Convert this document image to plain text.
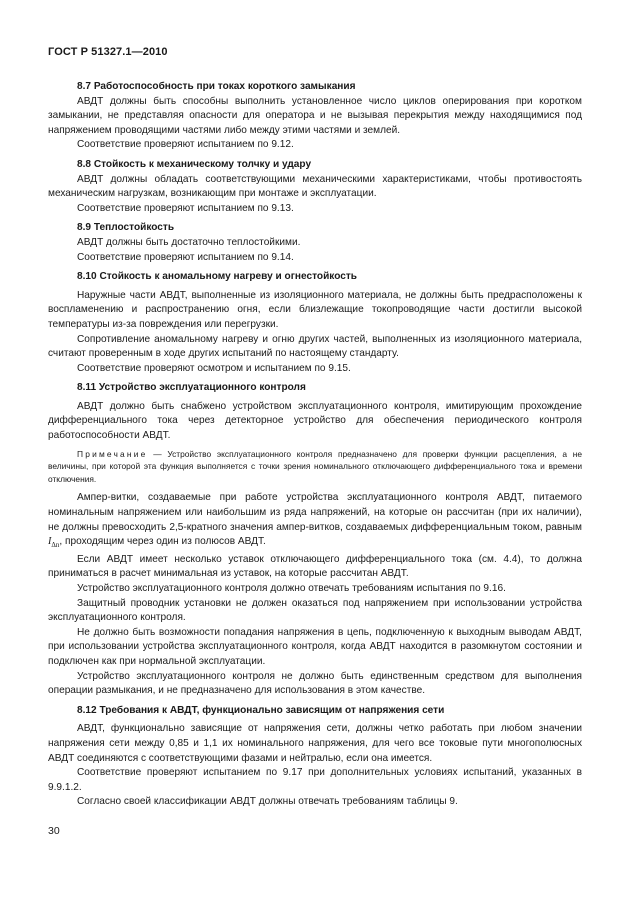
ГОСТ Р 51327.1—2010
8.7 Работоспособность при токах короткого замыкания

АВДТ должны быть способны выполнить установленное число циклов оперирования при коротком замыкании, не представляя опасности для оператора и не вызывая перекрытия между находящимися под напряжением проводящими частями либо между этими частями и землей.

Соответствие проверяют испытанием по 9.12.

8.8 Стойкость к механическому толчку и удару

АВДТ должны обладать соответствующими механическими характеристиками, чтобы противостоять механическим нагрузкам, возникающим при монтаже и эксплуатации.

Соответствие проверяют испытанием по 9.13.

8.9 Теплостойкость

АВДТ должны быть достаточно теплостойкими.

Соответствие проверяют испытанием по 9.14.

8.10 Стойкость к аномальному нагреву и огнестойкость

Наружные части АВДТ, выполненные из изоляционного материала, не должны быть предрасположены к воспламенению и распространению огня, если близлежащие токопроводящие части достигли высокой температуры из-за повреждения или перегрузки.

Сопротивление аномальному нагреву и огню других частей, выполненных из изоляционного материала, считают проверенным в ходе других испытаний по настоящему стандарту.

Соответствие проверяют осмотром и испытанием по 9.15.

8.11 Устройство эксплуатационного контроля

АВДТ должно быть снабжено устройством эксплуатационного контроля, имитирующим прохождение дифференциального тока через детекторное устройство для обеспечения периодического контроля работоспособности АВДТ.

Примечание — Устройство эксплуатационного контроля предназначено для проверки функции расцепления, а не величины, при которой эта функция выполняется с точки зрения номинального отключающего дифференциального тока и времени отключения.

Ампер-витки, создаваемые при работе устройства эксплуатационного контроля АВДТ, питаемого номинальным напряжением или наибольшим из ряда напряжений, на которые он рассчитан (при их наличии), не должны превосходить 2,5-кратного значения ампер-витков, создаваемых дифференциальным током, равным $I_{\Delta n}$, проходящим через один из полюсов АВДТ.

Если АВДТ имеет несколько уставок отключающего дифференциального тока (см. 4.4), то должна приниматься в расчет минимальная из уставок, на которые рассчитан АВДТ.

Устройство эксплуатационного контроля должно отвечать требованиям испытания по 9.16.

Защитный проводник установки не должен оказаться под напряжением при использовании устройства эксплуатационного контроля.

Не должно быть возможности попадания напряжения в цепь, подключенную к выходным выводам АВДТ, при использовании устройства эксплуатационного контроля, когда АВДТ находится в разомкнутом состоянии и подключен как при нормальной эксплуатации.

Устройство эксплуатационного контроля не должно быть единственным средством для выполнения операции размыкания, и не предназначено для использования в этом качестве.

8.12 Требования к АВДТ, функционально зависящим от напряжения сети

АВДТ, функционально зависящие от напряжения сети, должны четко работать при любом значении напряжения сети между 0,85 и 1,1 их номинального напряжения, для чего все токовые пути многополюсных АВДТ соединяются с соответствующими фазами и нейтралью, если она имеется.

Соответствие проверяют испытанием по 9.17 при дополнительных условиях испытаний, указанных в 9.9.1.2.

Согласно своей классификации АВДТ должны отвечать требованиям таблицы 9.

30
